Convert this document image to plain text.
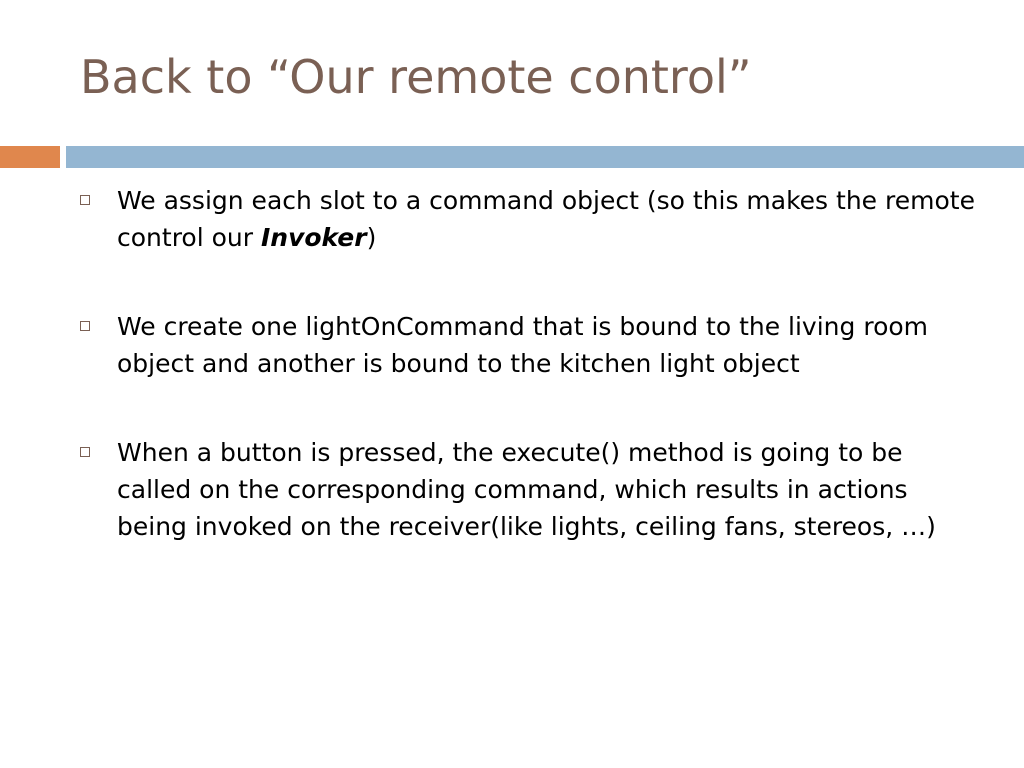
Back to “Our remote control”
We assign each slot to a command object (so this makes the remote control our Invoker)
We create one lightOnCommand that is bound to the living room object and another is bound to the kitchen light object
When a button is pressed, the execute() method is going to be called on the corresponding command, which results in actions being invoked on the receiver(like lights, ceiling fans, stereos, …)
